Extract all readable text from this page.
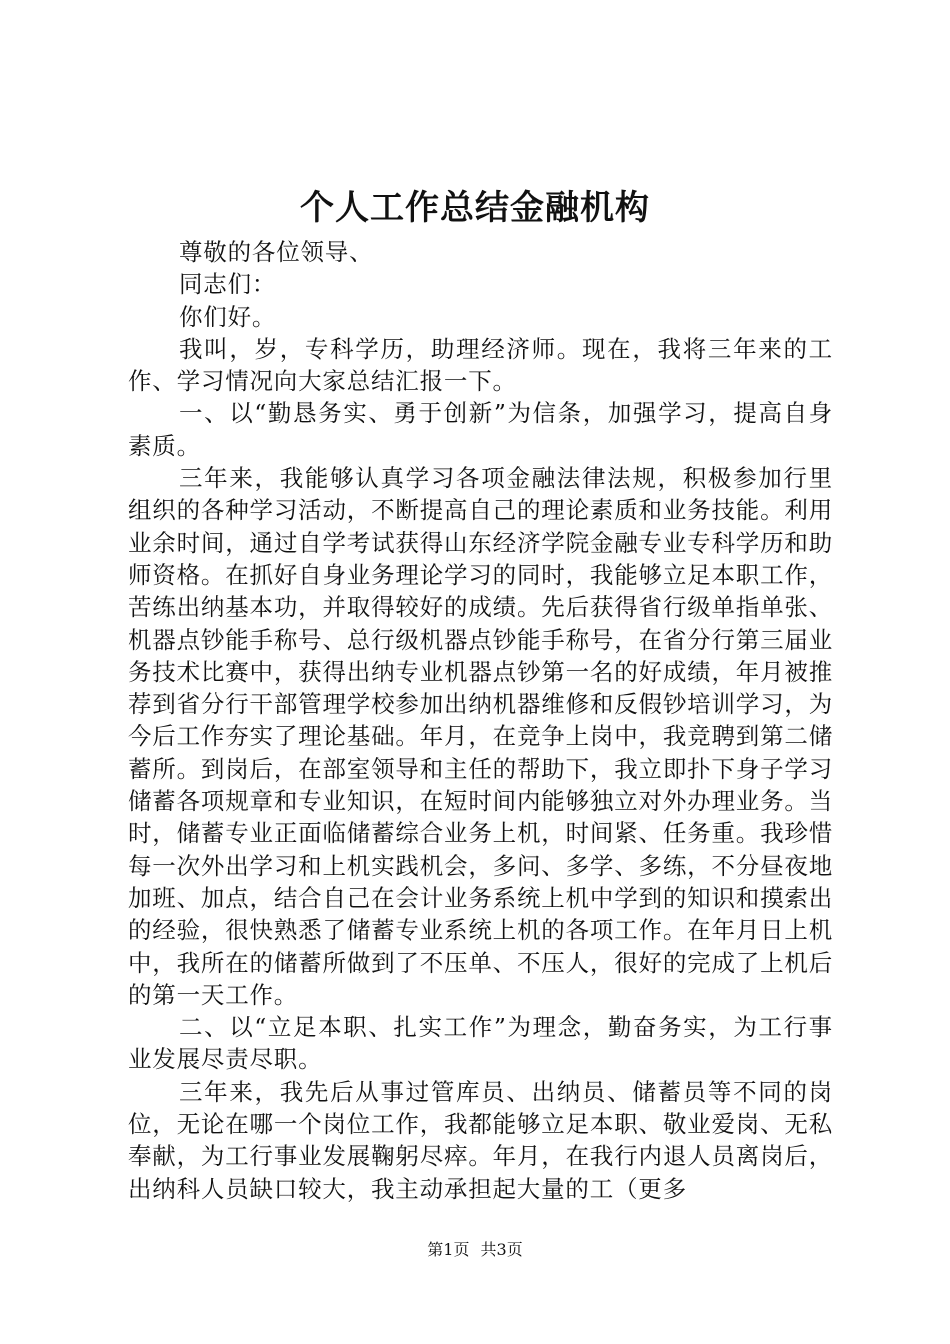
个人工作总结金融机构

尊敬的各位领导、

同志们：

你们好。

我叫，岁，专科学历，助理经济师。现在，我将三年来的工作、学习情况向大家总结汇报一下。

一、以“勤恳务实、勇于创新”为信条，加强学习，提高自身素质。

三年来，我能够认真学习各项金融法律法规，积极参加行里组织的各种学习活动，不断提高自己的理论素质和业务技能。利用业余时间，通过自学考试获得山东经济学院金融专业专科学历和助师资格。在抓好自身业务理论学习的同时，我能够立足本职工作，苦练出纳基本功，并取得较好的成绩。先后获得省行级单指单张、机器点钞能手称号、总行级机器点钞能手称号，在省分行第三届业务技术比赛中，获得出纳专业机器点钞第一名的好成绩，年月被推荐到省分行干部管理学校参加出纳机器维修和反假钞培训学习，为今后工作夯实了理论基础。年月，在竞争上岗中，我竞聘到第二储蓄所。到岗后，在部室领导和主任的帮助下，我立即扑下身子学习储蓄各项规章和专业知识，在短时间内能够独立对外办理业务。当时，储蓄专业正面临储蓄综合业务上机，时间紧、任务重。我珍惜每一次外出学习和上机实践机会，多问、多学、多练，不分昼夜地加班、加点，结合自己在会计业务系统上机中学到的知识和摸索出的经验，很快熟悉了储蓄专业系统上机的各项工作。在年月日上机中，我所在的储蓄所做到了不压单、不压人，很好的完成了上机后的第一天工作。

二、以“立足本职、扎实工作”为理念，勤奋务实，为工行事业发展尽责尽职。

三年来，我先后从事过管库员、出纳员、储蓄员等不同的岗位，无论在哪一个岗位工作，我都能够立足本职、敬业爱岗、无私奉献，为工行事业发展鞠躬尽瘁。年月，在我行内退人员离岗后，出纳科人员缺口较大，我主动承担起大量的工（更多

第1页 共3页
